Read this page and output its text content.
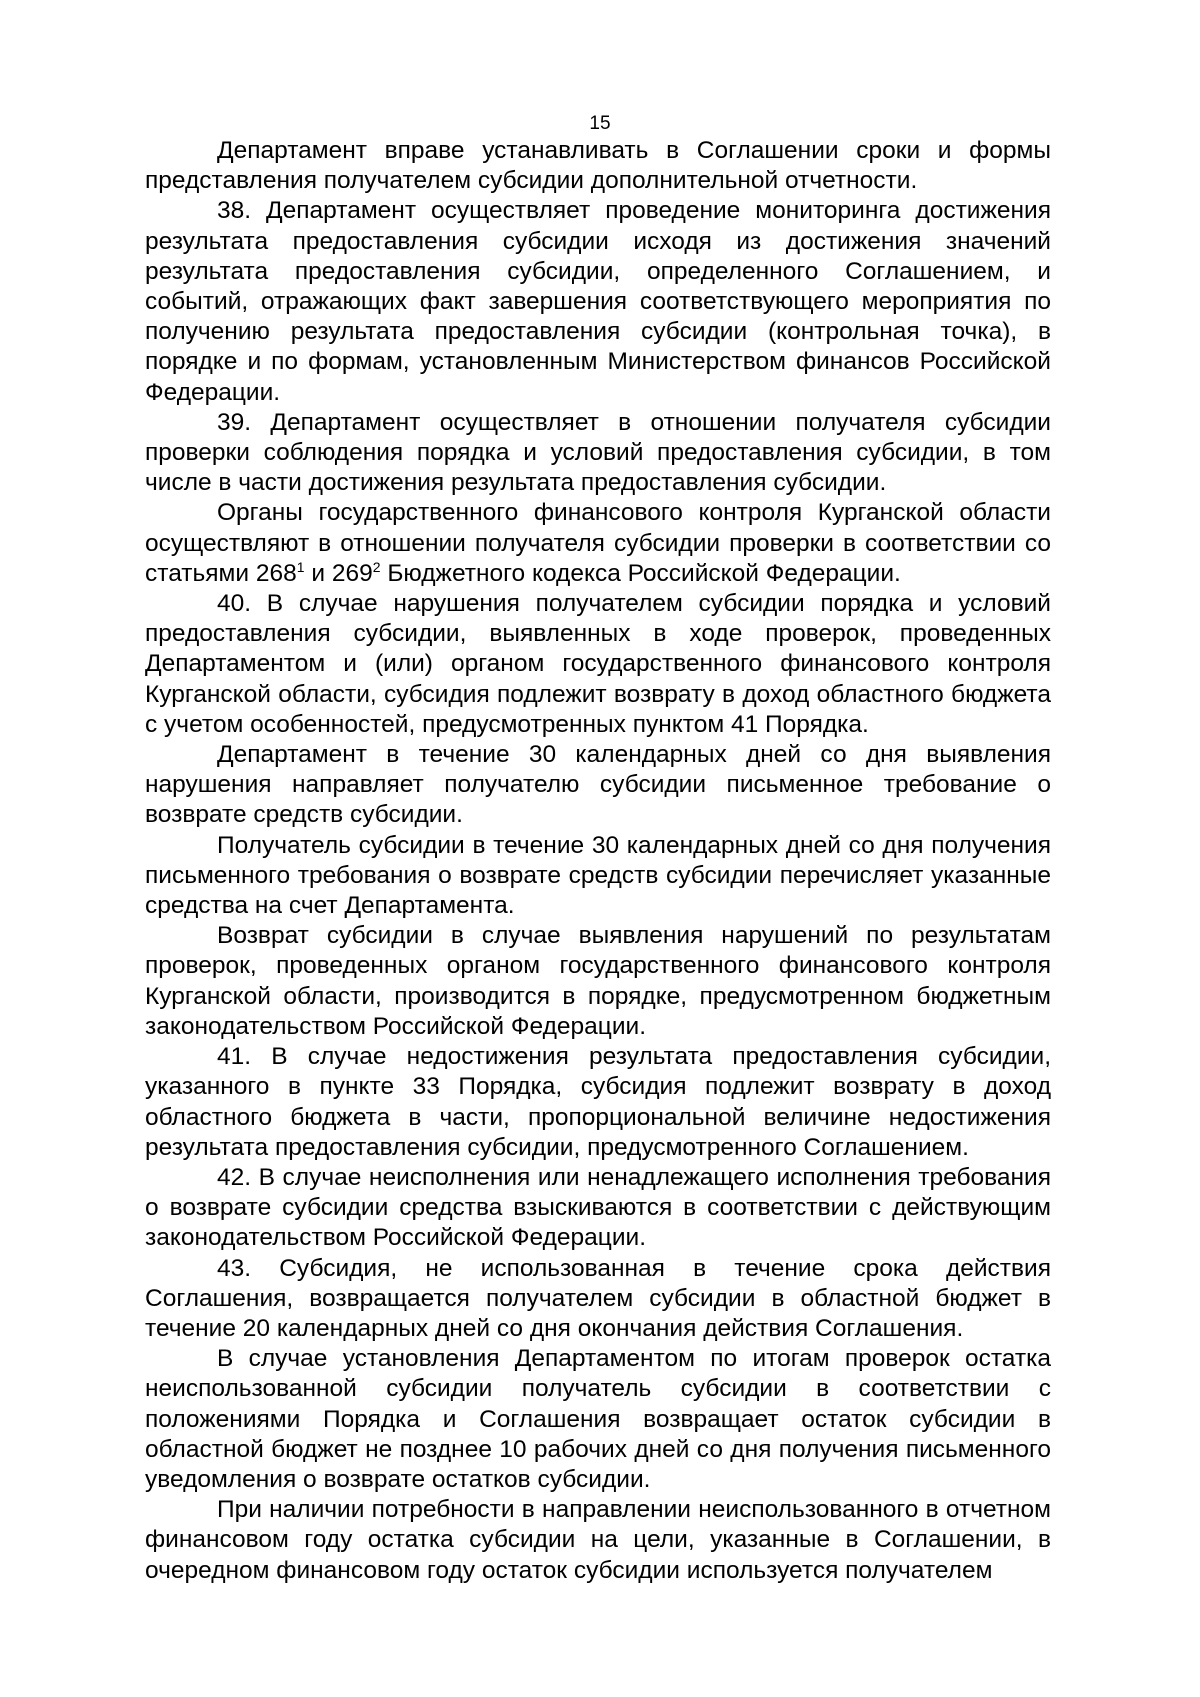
15

Департамент вправе устанавливать в Соглашении сроки и формы представления получателем субсидии дополнительной отчетности.

38. Департамент осуществляет проведение мониторинга достижения результата предоставления субсидии исходя из достижения значений результата предоставления субсидии, определенного Соглашением, и событий, отражающих факт завершения соответствующего мероприятия по получению результата предоставления субсидии (контрольная точка), в порядке и по формам, установленным Министерством финансов Российской Федерации.

39. Департамент осуществляет в отношении получателя субсидии проверки соблюдения порядка и условий предоставления субсидии, в том числе в части достижения результата предоставления субсидии.

Органы государственного финансового контроля Курганской области осуществляют в отношении получателя субсидии проверки в соответствии со статьями $268^1$ и $269^2$ Бюджетного кодекса Российской Федерации.

40. В случае нарушения получателем субсидии порядка и условий предоставления субсидии, выявленных в ходе проверок, проведенных Департаментом и (или) органом государственного финансового контроля Курганской области, субсидия подлежит возврату в доход областного бюджета с учетом особенностей, предусмотренных пунктом 41 Порядка.

Департамент в течение 30 календарных дней со дня выявления нарушения направляет получателю субсидии письменное требование о возврате средств субсидии.

Получатель субсидии в течение 30 календарных дней со дня получения письменного требования о возврате средств субсидии перечисляет указанные средства на счет Департамента.

Возврат субсидии в случае выявления нарушений по результатам проверок, проведенных органом государственного финансового контроля Курганской области, производится в порядке, предусмотренном бюджетным законодательством Российской Федерации.

41. В случае недостижения результата предоставления субсидии, указанного в пункте 33 Порядка, субсидия подлежит возврату в доход областного бюджета в части, пропорциональной величине недостижения результата предоставления субсидии, предусмотренного Соглашением.

42. В случае неисполнения или ненадлежащего исполнения требования о возврате субсидии средства взыскиваются в соответствии с действующим законодательством Российской Федерации.

43. Субсидия, не использованная в течение срока действия Соглашения, возвращается получателем субсидии в областной бюджет в течение 20 календарных дней со дня окончания действия Соглашения.

В случае установления Департаментом по итогам проверок остатка неиспользованной субсидии получатель субсидии в соответствии с положениями Порядка и Соглашения возвращает остаток субсидии в областной бюджет не позднее 10 рабочих дней со дня получения письменного уведомления о возврате остатков субсидии.

При наличии потребности в направлении неиспользованного в отчетном финансовом году остатка субсидии на цели, указанные в Соглашении, в очередном финансовом году остаток субсидии используется получателем
